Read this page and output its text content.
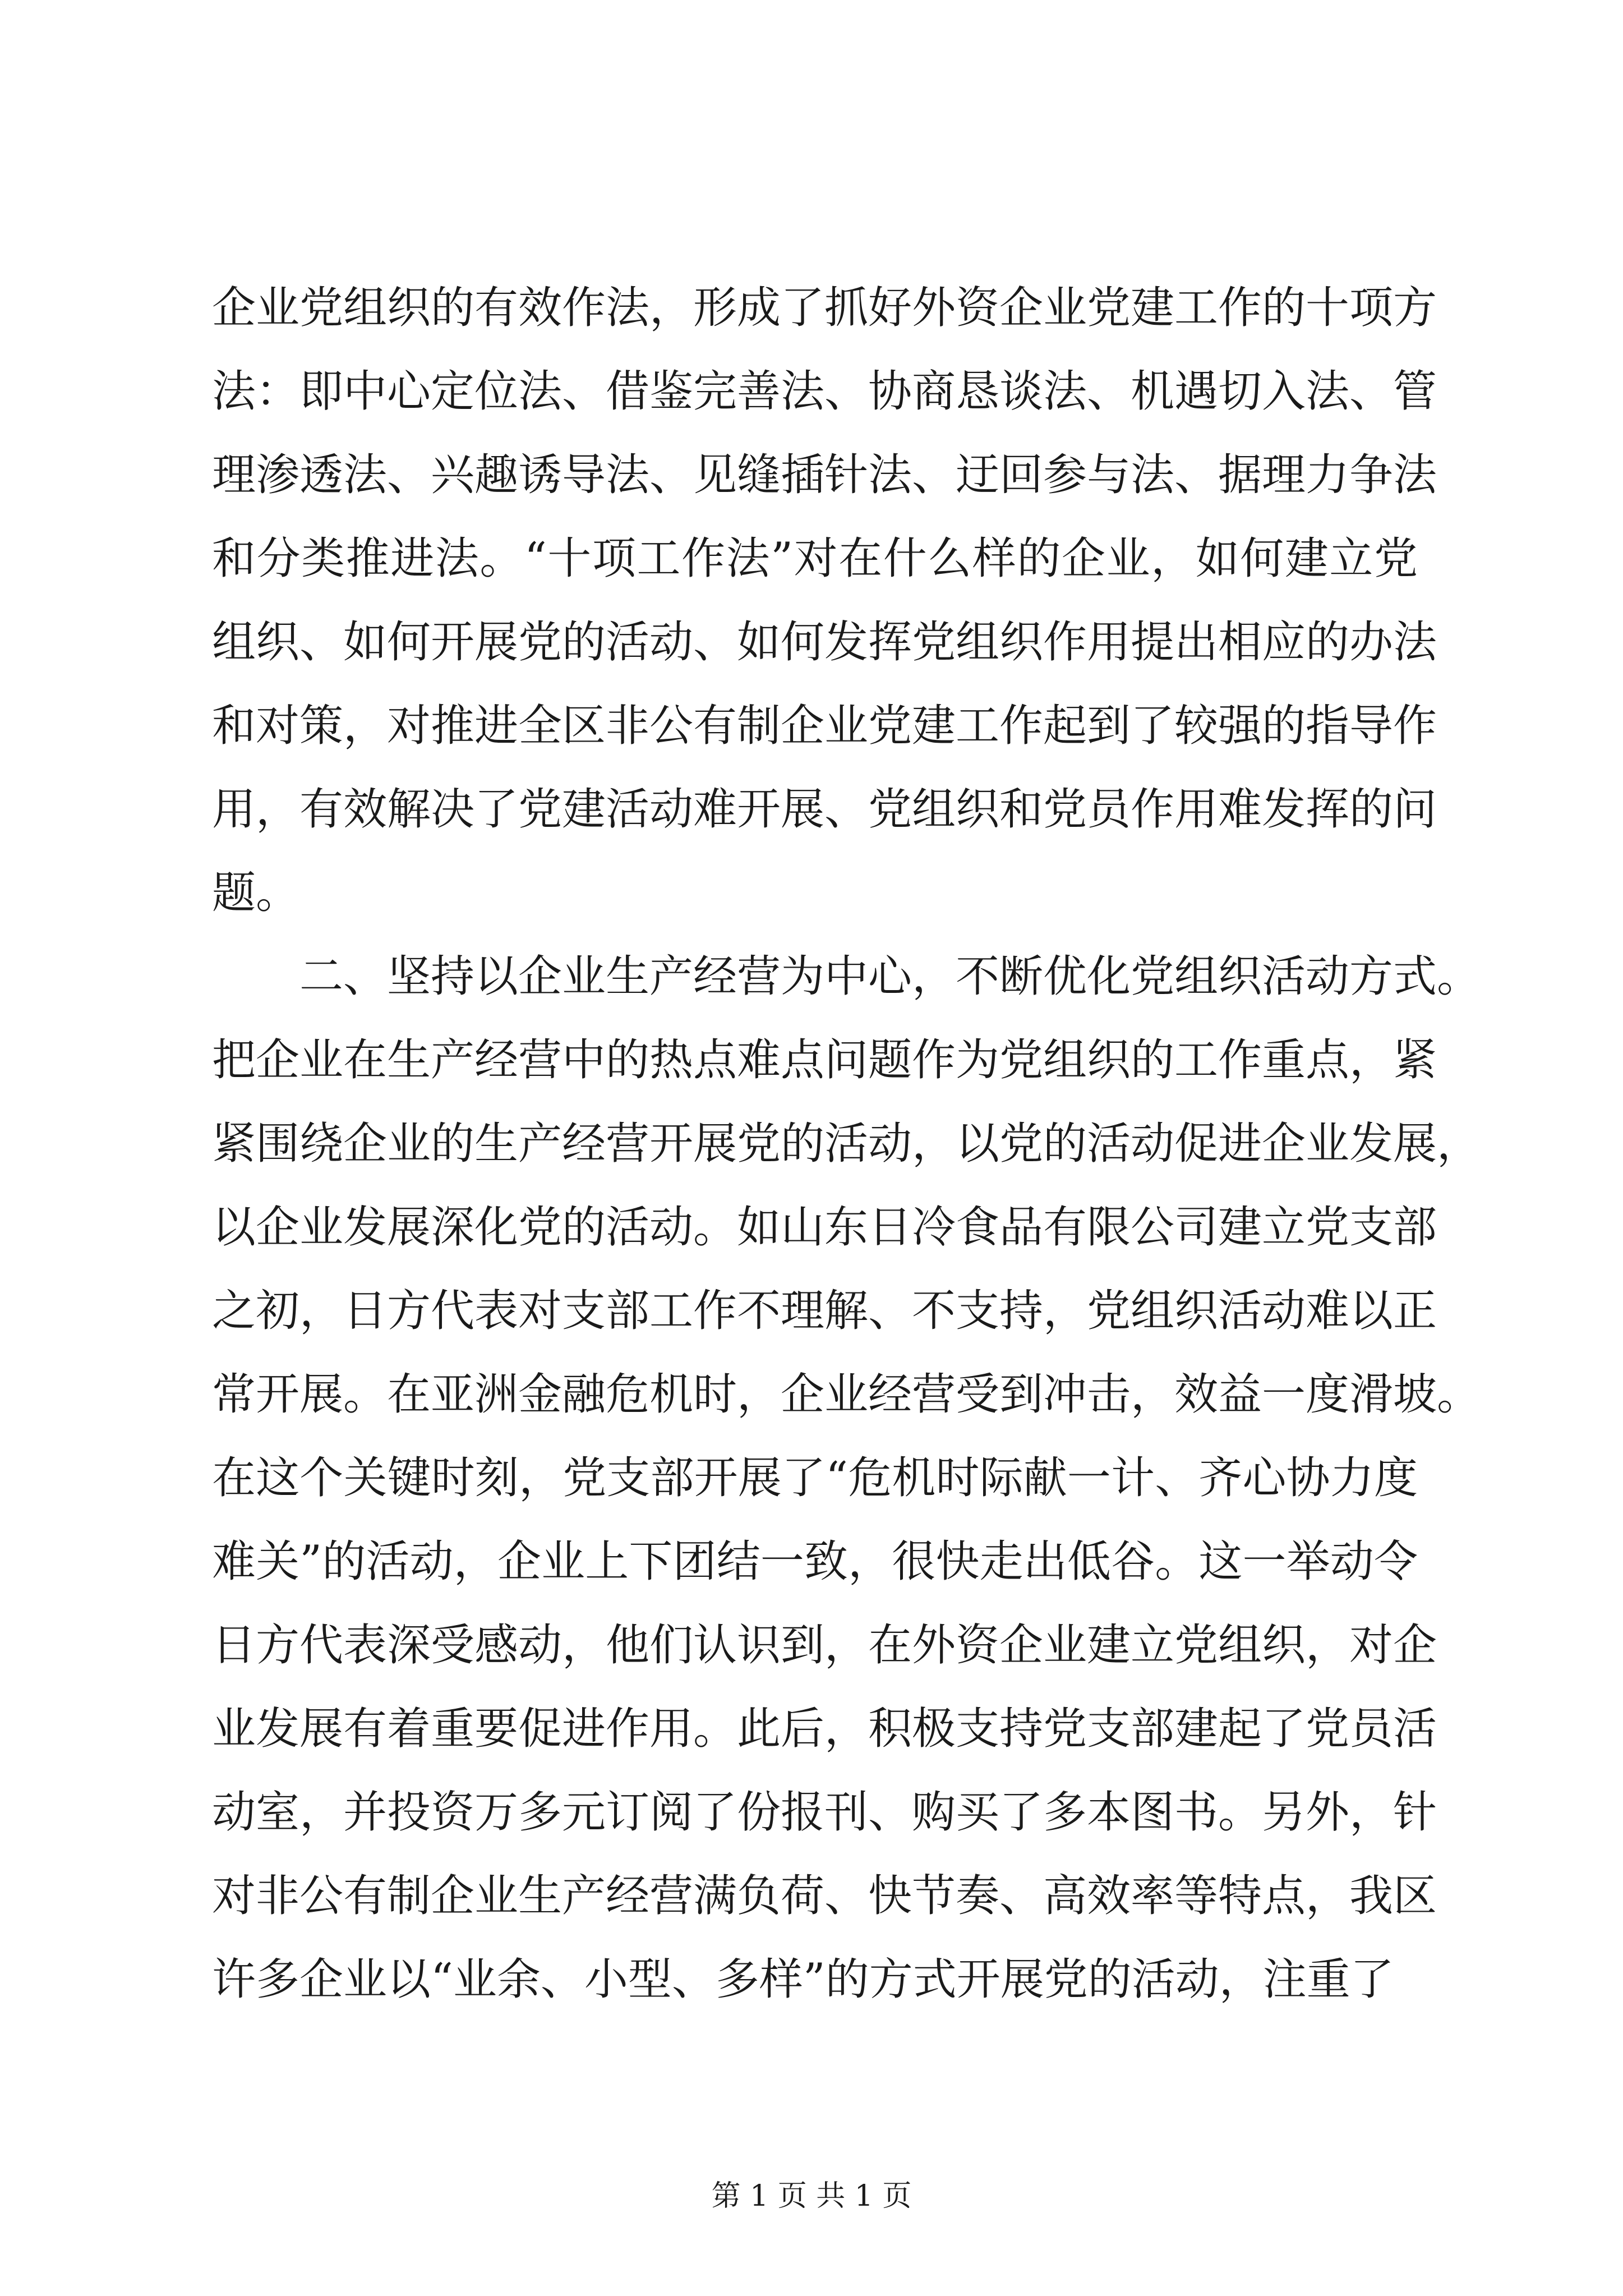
企业党组织的有效作法，形成了抓好外资企业党建工作的十项方
法：即中心定位法、借鉴完善法、协商恳谈法、机遇切入法、管
理渗透法、兴趣诱导法、见缝插针法、迂回参与法、据理力争法
和分类推进法。“十项工作法”对在什么样的企业，如何建立党
组织、如何开展党的活动、如何发挥党组织作用提出相应的办法
和对策，对推进全区非公有制企业党建工作起到了较强的指导作
用，有效解决了党建活动难开展、党组织和党员作用难发挥的问
题。
二、坚持以企业生产经营为中心，不断优化党组织活动方式。
把企业在生产经营中的热点难点问题作为党组织的工作重点，紧
紧围绕企业的生产经营开展党的活动，以党的活动促进企业发展，
以企业发展深化党的活动。如山东日冷食品有限公司建立党支部
之初，日方代表对支部工作不理解、不支持，党组织活动难以正
常开展。在亚洲金融危机时，企业经营受到冲击，效益一度滑坡。
在这个关键时刻，党支部开展了“危机时际献一计、齐心协力度
难关”的活动，企业上下团结一致，很快走出低谷。这一举动令
日方代表深受感动，他们认识到，在外资企业建立党组织，对企
业发展有着重要促进作用。此后，积极支持党支部建起了党员活
动室，并投资万多元订阅了份报刊、购买了多本图书。另外，针
对非公有制企业生产经营满负荷、快节奏、高效率等特点，我区
许多企业以“业余、小型、多样”的方式开展党的活动，注重了
第 1 页 共 1 页
